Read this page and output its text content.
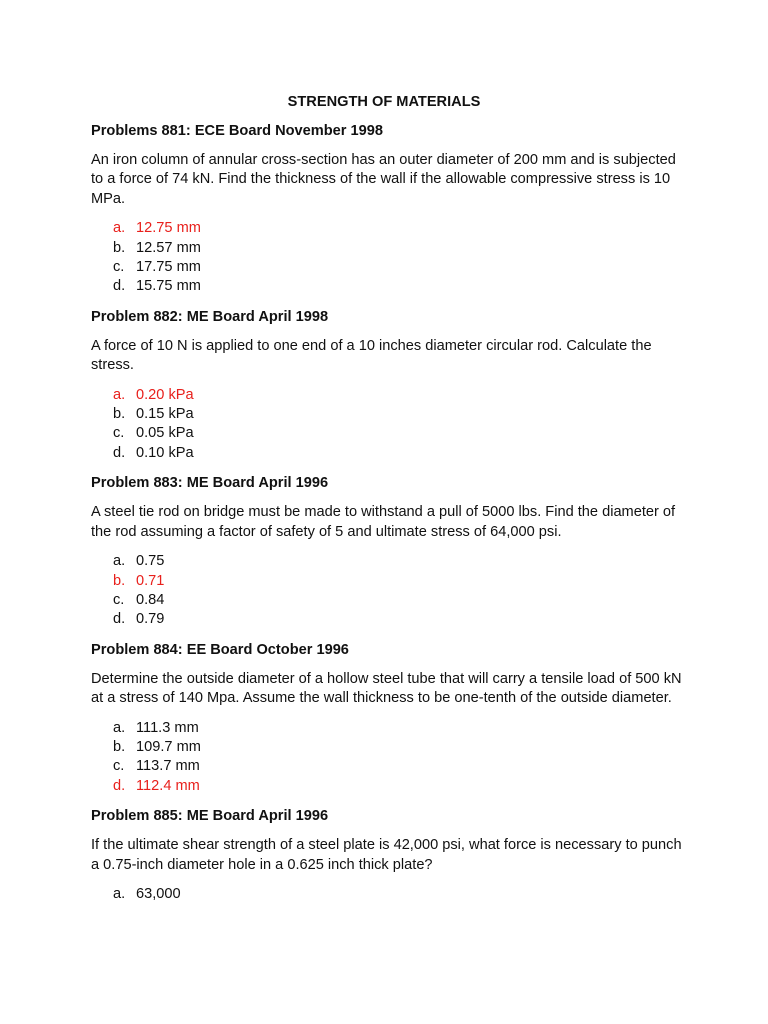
STRENGTH OF MATERIALS

Problems 881: ECE Board November 1998

An iron column of annular cross-section has an outer diameter of 200 mm and is subjected to a force of 74 kN. Find the thickness of the wall if the allowable compressive stress is 10 MPa.

a. 12.75 mm
b. 12.57 mm
c. 17.75 mm
d. 15.75 mm

Problem 882: ME Board April 1998

A force of 10 N is applied to one end of a 10 inches diameter circular rod. Calculate the stress.

a. 0.20 kPa
b. 0.15 kPa
c. 0.05 kPa
d. 0.10 kPa

Problem 883: ME Board April 1996

A steel tie rod on bridge must be made to withstand a pull of 5000 lbs. Find the diameter of the rod assuming a factor of safety of 5 and ultimate stress of 64,000 psi.

a. 0.75
b. 0.71
c. 0.84
d. 0.79

Problem 884: EE Board October 1996

Determine the outside diameter of a hollow steel tube that will carry a tensile load of 500 kN at a stress of 140 Mpa. Assume the wall thickness to be one-tenth of the outside diameter.

a. 111.3 mm
b. 109.7 mm
c. 113.7 mm
d. 112.4 mm

Problem 885: ME Board April 1996

If the ultimate shear strength of a steel plate is 42,000 psi, what force is necessary to punch a 0.75-inch diameter hole in a 0.625 inch thick plate?

a. 63,000
